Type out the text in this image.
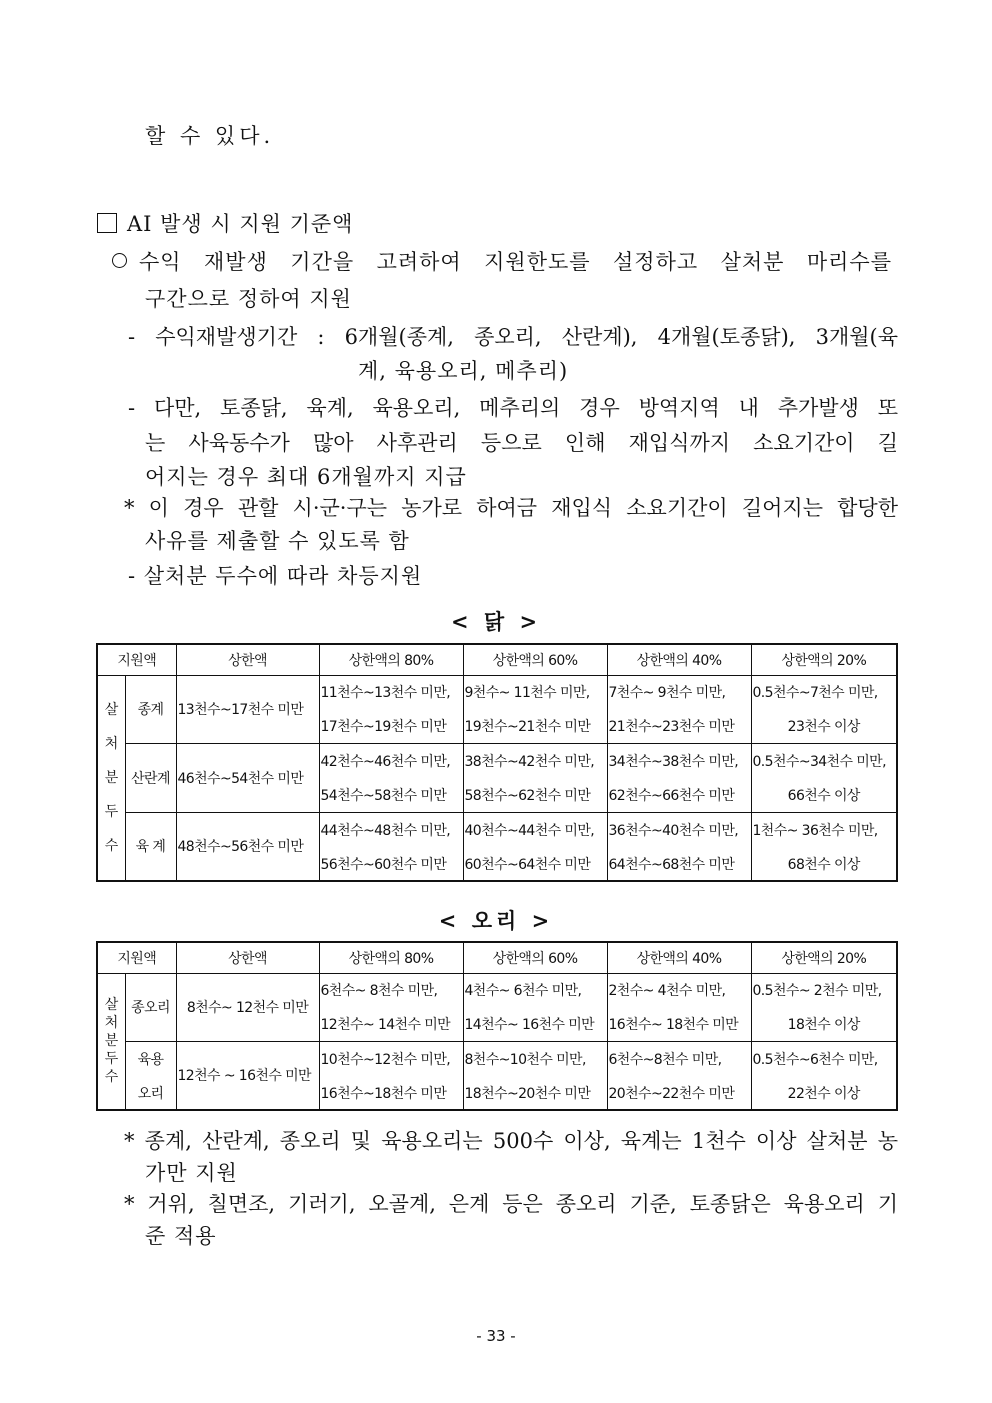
할 수 있다.
AI 발생 시 지원 기준액
수익 재발생 기간을 고려하여 지원한도를 설정하고 살처분 마리수를
구간으로 정하여 지원
- 수익재발생기간 : 6개월(종계, 종오리, 산란계), 4개월(토종닭), 3개월(육
계, 육용오리, 메추리)
- 다만, 토종닭, 육계, 육용오리, 메추리의 경우 방역지역 내 추가발생 또
는 사육동수가 많아 사후관리 등으로 인해 재입식까지 소요기간이 길
어지는 경우 최대 6개월까지 지급
* 이 경우 관할 시·군·구는 농가로 하여금 재입식 소요기간이 길어지는 합당한
사유를 제출할 수 있도록 함
- 살처분 두수에 따라 차등지원
< 닭 >
지원액		상한액	상한액의 80%	상한액의 60%	상한액의 40%	상한액의 20%

살
처
분
두
수	종계	13천수~17천수 미만	11천수~13천수 미만,	9천수~ 11천수 미만,	7천수~ 9천수 미만,	0.5천수~7천수 미만,
			17천수~19천수 미만	19천수~21천수 미만	21천수~23천수 미만	23천수 이상
	산란계	46천수~54천수 미만	42천수~46천수 미만,	38천수~42천수 미만,	34천수~38천수 미만,	0.5천수~34천수 미만,
			54천수~58천수 미만	58천수~62천수 미만	62천수~66천수 미만	66천수 이상
	육 계	48천수~56천수 미만	44천수~48천수 미만,	40천수~44천수 미만,	36천수~40천수 미만,	1천수~ 36천수 미만,
			56천수~60천수 미만	60천수~64천수 미만	64천수~68천수 미만	68천수 이상
< 오리 >
지원액		상한액	상한액의 80%	상한액의 60%	상한액의 40%	상한액의 20%

살
처
분
두
수	종오리	8천수~ 12천수 미만	6천수~ 8천수 미만,	4천수~ 6천수 미만,	2천수~ 4천수 미만,	0.5천수~ 2천수 미만,
			12천수~ 14천수 미만	14천수~ 16천수 미만	16천수~ 18천수 미만	18천수 이상
	육용	12천수 ~ 16천수 미만	10천수~12천수 미만,	8천수~10천수 미만,	6천수~8천수 미만,	0.5천수~6천수 미만,
	오리		16천수~18천수 미만	18천수~20천수 미만	20천수~22천수 미만	22천수 이상
* 종계, 산란계, 종오리 및 육용오리는 500수 이상, 육계는 1천수 이상 살처분 농
가만 지원
* 거위, 칠면조, 기러기, 오골계, 은계 등은 종오리 기준, 토종닭은 육용오리 기
준 적용
- 33 -
